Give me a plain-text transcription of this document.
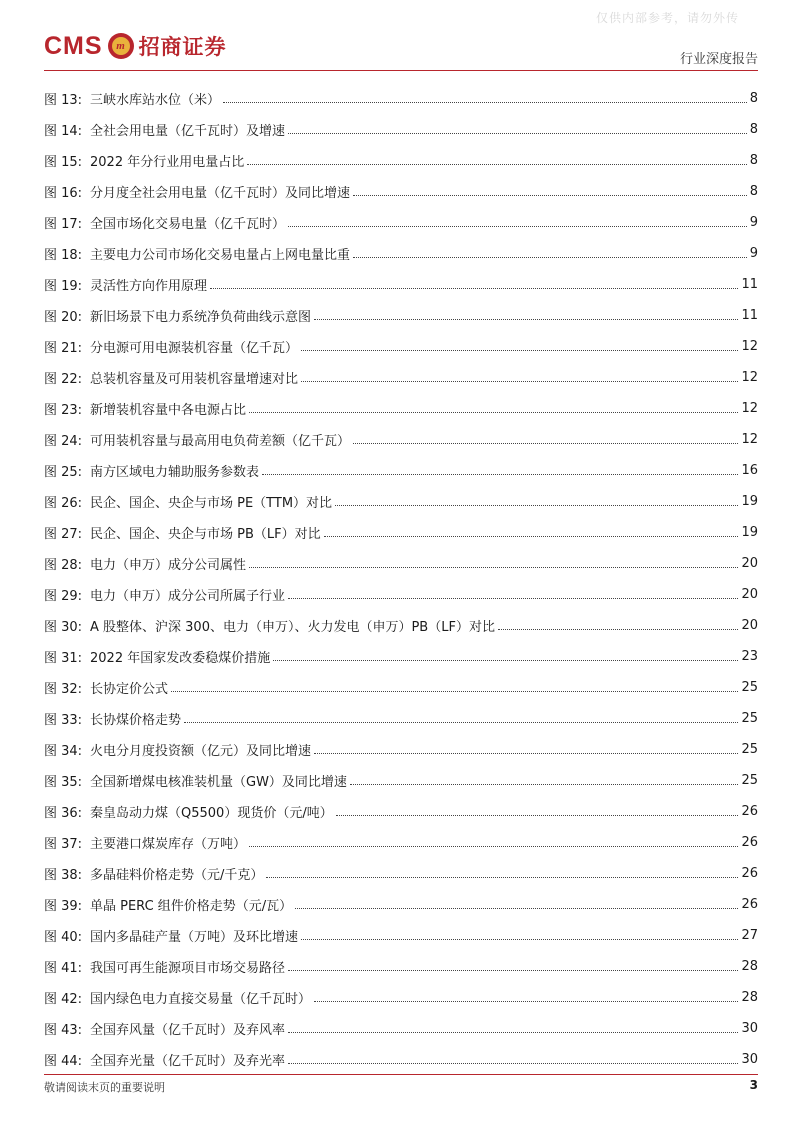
仅供内部参考，请勿外传
CMS	m 招商证券
行业深度报告
图 13: 三峡水库站水位（米）	8
图 14: 全社会用电量（亿千瓦时）及增速	8
图 15: 2022 年分行业用电量占比	8
图 16: 分月度全社会用电量（亿千瓦时）及同比增速	8
图 17: 全国市场化交易电量（亿千瓦时）	9
图 18: 主要电力公司市场化交易电量占上网电量比重	9
图 19: 灵活性方向作用原理	11
图 20: 新旧场景下电力系统净负荷曲线示意图	11
图 21: 分电源可用电源装机容量（亿千瓦）	12
图 22: 总装机容量及可用装机容量增速对比	12
图 23: 新增装机容量中各电源占比	12
图 24: 可用装机容量与最高用电负荷差额（亿千瓦）	12
图 25: 南方区域电力辅助服务参数表	16
图 26: 民企、国企、央企与市场 PE（TTM）对比	19
图 27: 民企、国企、央企与市场 PB（LF）对比	19
图 28: 电力（申万）成分公司属性	20
图 29: 电力（申万）成分公司所属子行业	20
图 30: A 股整体、沪深 300、电力（申万）、火力发电（申万）PB（LF）对比	20
图 31: 2022 年国家发改委稳煤价措施	23
图 32: 长协定价公式	25
图 33: 长协煤价格走势	25
图 34: 火电分月度投资额（亿元）及同比增速	25
图 35: 全国新增煤电核准装机量（GW）及同比增速	25
图 36: 秦皇岛动力煤（Q5500）现货价（元/吨）	26
图 37: 主要港口煤炭库存（万吨）	26
图 38: 多晶硅料价格走势（元/千克）	26
图 39: 单晶 PERC 组件价格走势（元/瓦）	26
图 40: 国内多晶硅产量（万吨）及环比增速	27
图 41: 我国可再生能源项目市场交易路径	28
图 42: 国内绿色电力直接交易量（亿千瓦时）	28
图 43: 全国弃风量（亿千瓦时）及弃风率	30
图 44: 全国弃光量（亿千瓦时）及弃光率	30
敬请阅读末页的重要说明	3
